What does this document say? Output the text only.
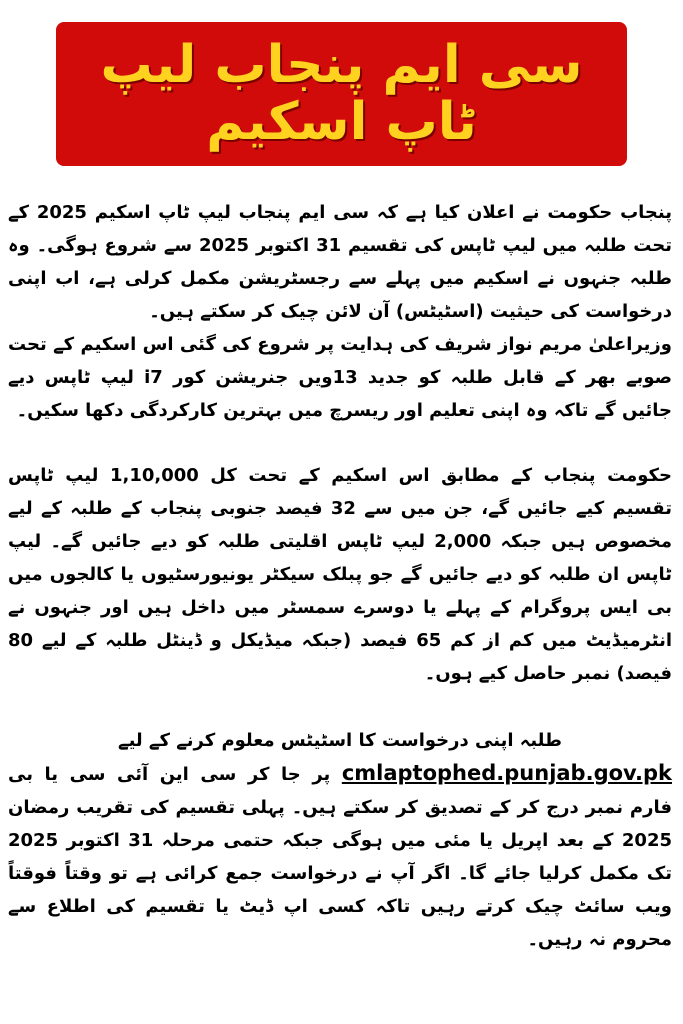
سی ایم پنجاب لیپ ٹاپ اسکیم

پنجاب حکومت نے اعلان کیا ہے کہ سی ایم پنجاب لیپ ٹاپ اسکیم 2025 کے تحت طلبہ میں لیپ ٹاپس کی تقسیم 31 اکتوبر 2025 سے شروع ہوگی۔ وہ طلبہ جنہوں نے اسکیم میں پہلے سے رجسٹریشن مکمل کرلی ہے، اب اپنی درخواست کی حیثیت (اسٹیٹس) آن لائن چیک کر سکتے ہیں۔

وزیراعلیٰ مریم نواز شریف کی ہدایت پر شروع کی گئی اس اسکیم کے تحت صوبے بھر کے قابل طلبہ کو جدید 13ویں جنریشن کور i7 لیپ ٹاپس دیے جائیں گے تاکہ وہ اپنی تعلیم اور ریسرچ میں بہترین کارکردگی دکھا سکیں۔

حکومت پنجاب کے مطابق اس اسکیم کے تحت کل 1,10,000 لیپ ٹاپس تقسیم کیے جائیں گے، جن میں سے 32 فیصد جنوبی پنجاب کے طلبہ کے لیے مخصوص ہیں جبکہ 2,000 لیپ ٹاپس اقلیتی طلبہ کو دیے جائیں گے۔ لیپ ٹاپس ان طلبہ کو دیے جائیں گے جو پبلک سیکٹر یونیورسٹیوں یا کالجوں میں بی ایس پروگرام کے پہلے یا دوسرے سمسٹر میں داخل ہیں اور جنہوں نے انٹرمیڈیٹ میں کم از کم 65 فیصد (جبکہ میڈیکل و ڈینٹل طلبہ کے لیے 80 فیصد) نمبر حاصل کیے ہوں۔

طلبہ اپنی درخواست کا اسٹیٹس معلوم کرنے کے لیے

cmlaptophed.punjab.gov.pk پر جا کر سی این آئی سی یا بی فارم نمبر درج کر کے تصدیق کر سکتے ہیں۔ پہلی تقسیم کی تقریب رمضان 2025 کے بعد اپریل یا مئی میں ہوگی جبکہ حتمی مرحلہ 31 اکتوبر 2025 تک مکمل کرلیا جائے گا۔ اگر آپ نے درخواست جمع کرائی ہے تو وقتاً فوقتاً ویب سائٹ چیک کرتے رہیں تاکہ کسی اپ ڈیٹ یا تقسیم کی اطلاع سے محروم نہ رہیں۔
